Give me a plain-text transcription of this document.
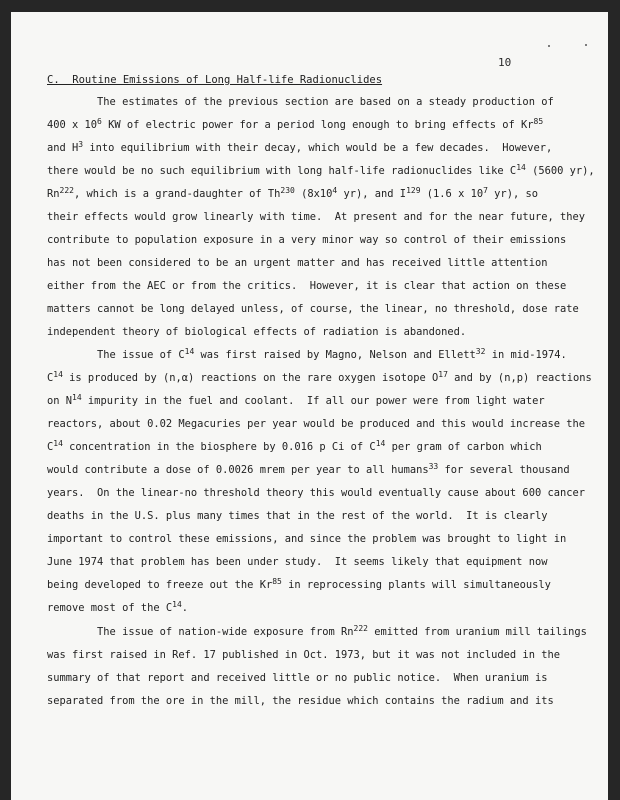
10
C.  Routine Emissions of Long Half-life Radionuclides
The estimates of the previous section are based on a steady production of
400 x $10^6$ KW of electric power for a period long enough to bring effects of Kr$^{85}$
and $H^3$ into equilibrium with their decay, which would be a few decades.  However,
there would be no such equilibrium with long half-life radionuclides like $C^{14}$ (5600 yr),
Rn$^{222}$, which is a grand-daughter of Th$^{230}$ ($8x10^4$ yr), and $I^{129}$ (1.6 x $10^7$ yr), so
their effects would grow linearly with time.  At present and for the near future, they
contribute to population exposure in a very minor way so control of their emissions
has not been considered to be an urgent matter and has received little attention
either from the AEC or from the critics.  However, it is clear that action on these
matters cannot be long delayed unless, of course, the linear, no threshold, dose rate
independent theory of biological effects of radiation is abandoned.
The issue of $C^{14}$ was first raised by Magno, Nelson and Ellett$^{32}$ in mid-1974.
$C^{14}$ is produced by (n,α) reactions on the rare oxygen isotope $O^{17}$ and by (n,p) reactions
on $N^{14}$ impurity in the fuel and coolant.  If all our power were from light water
reactors, about 0.02 Megacuries per year would be produced and this would increase the
$C^{14}$ concentration in the biosphere by 0.016 p Ci of $C^{14}$ per gram of carbon which
would contribute a dose of 0.0026 mrem per year to all humans$^{33}$ for several thousand
years.  On the linear-no threshold theory this would eventually cause about 600 cancer
deaths in the U.S. plus many times that in the rest of the world.  It is clearly
important to control these emissions, and since the problem was brought to light in
June 1974 that problem has been under study.  It seems likely that equipment now
being developed to freeze out the Kr$^{85}$ in reprocessing plants will simultaneously
remove most of the $C^{14}$.
The issue of nation-wide exposure from Rn$^{222}$ emitted from uranium mill tailings
was first raised in Ref. 17 published in Oct. 1973, but it was not included in the
summary of that report and received little or no public notice.  When uranium is
separated from the ore in the mill, the residue which contains the radium and its
